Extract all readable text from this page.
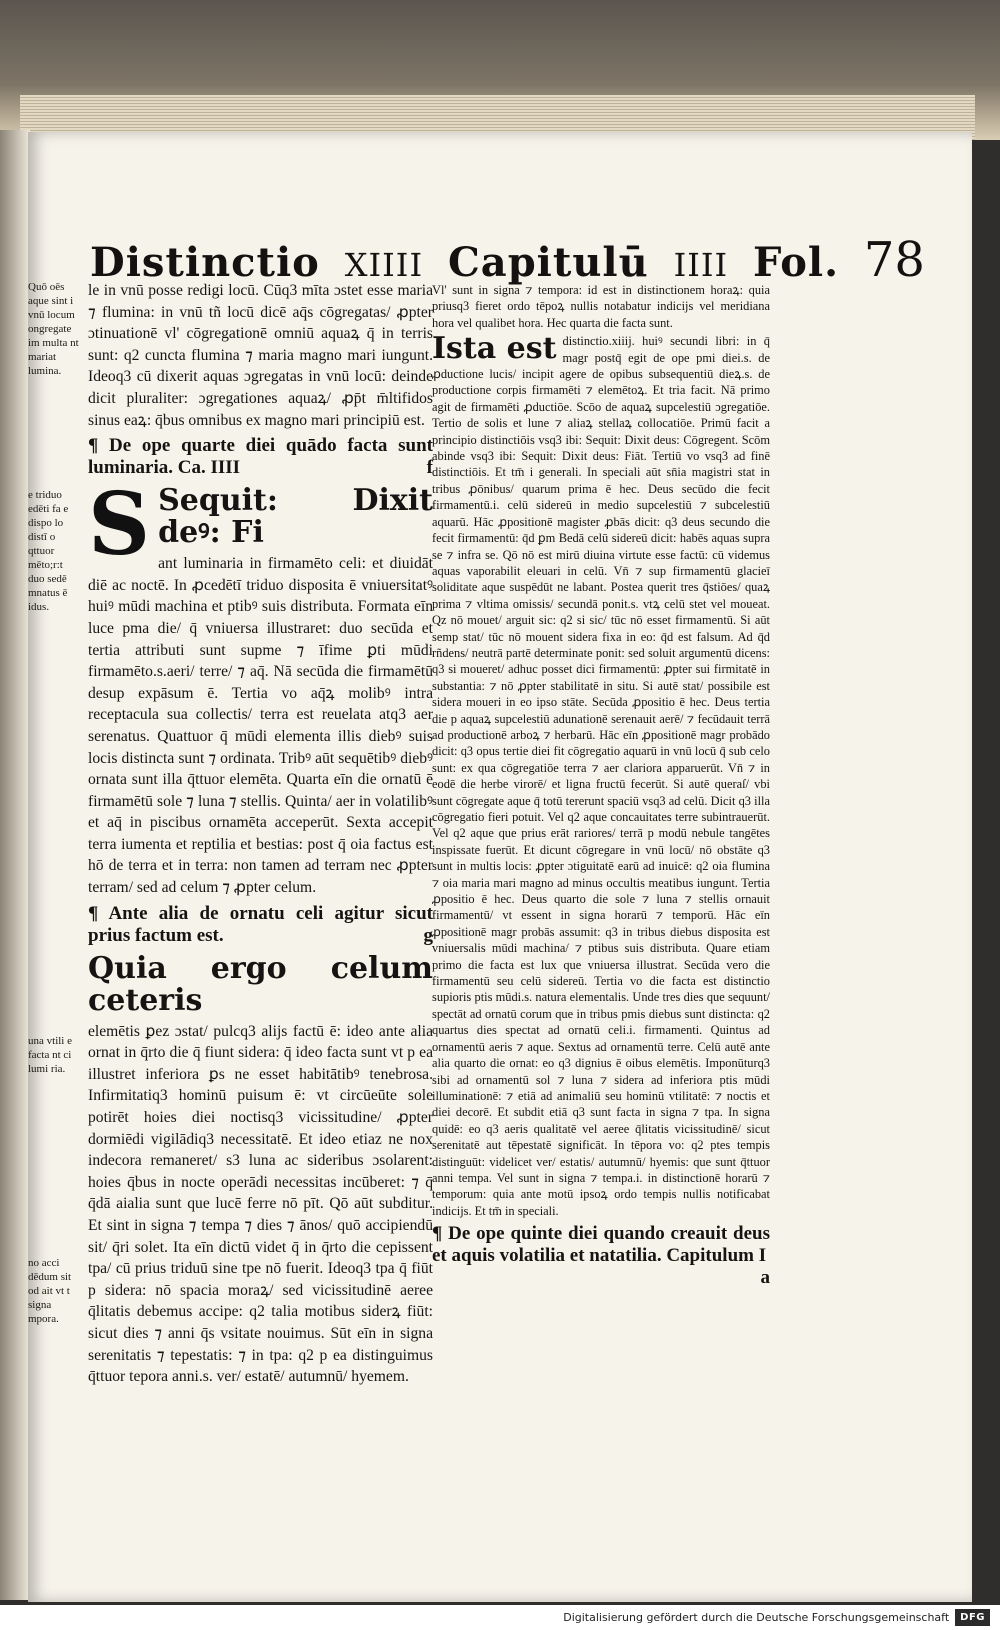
Distinctio XIIII Capitulū IIII Fol. 78

Quō oēs aque sint i vnū locum ongregate im multa nt mariat lumina.

e triduo edēti fa e dispo lo distī o qttuor mēto;r:t duo sedē mnatus ē idus.

una vtili e facta nt ci lumi ria.

no acci dēdum sit od ait vt t signa mpora.

le in vnū posse redigi locū. Cūq3 mīta ɔstet esse maria ⁊ flumina: in vnū tñ locū dicē aq̄s cōgregatas/ ꝓpter ɔtinuationē vl' cōgregationē omniū aquaꝝ q̄ in terris sunt: q2 cuncta flumina ⁊ maria magno mari iungunt. Ideoq3 cū dixerit aquas ɔgregatas in vnū locū: deinde dicit pluraliter: ɔgregationes aquaꝝ/ ꝓp̄t m̄ltifidos sinus eaꝝ: q̄bus omnibus ex magno mari principiū est.

¶ De ope quarte diei quādo facta sunt luminaria. Ca. IIII	f

S Sequit: Dixit deꝰ: Fi

ant luminaria in firmamēto celi: et diuidāt diē ac noctē. In ꝓcedētī triduo disposita ē vniuersitatꝰ huiꝰ mūdi machina et ptibꝰ suis distributa. Formata eīn luce pma die/ q̄ vniuersa illustraret: duo secūda et tertia attributi sunt supme ⁊ īfime ꝑti mūdi firmamēto.s.aeri/ terre/ ⁊ aq̄. Nā secūda die firmamētū desup expāsum ē. Tertia vo aq̄ꝝ molibꝰ intra receptacula sua collectis/ terra est reuelata atq3 aer serenatus. Quattuor q̄ mūdi elementa illis diebꝰ suis locis distincta sunt ⁊ ordinata. Tribꝰ aūt sequētibꝰ diebꝰ ornata sunt illa q̄ttuor elemēta. Quarta eīn die ornatū ē firmamētū sole ⁊ luna ⁊ stellis. Quinta/ aer in volatilibꝰ et aq̄ in piscibus ornamēta acceperūt. Sexta accepit terra iumenta et reptilia et bestias: post q̄ oia factus est hō de terra et in terra: non tamen ad terram nec ꝓpter terram/ sed ad celum ⁊ ꝓpter celum.

¶ Ante alia de ornatu celi agitur sicut prius factum est.	g

Quia ergo celum ceteris

elemētis ꝑez ɔstat/ pulcq3 alijs factū ē: ideo ante alia ornat in q̄rto die q̄ fiunt sidera: q̄ ideo facta sunt vt p ea illustret inferiora ꝑs ne esset habitātibꝰ tenebrosa. Infirmitatiq3 hominū puisum ē: vt circūeūte sole potirēt hoies diei noctisq3 vicissitudine/ ꝓpter dormiēdi vigilādiq3 necessitatē. Et ideo etiaz ne nox indecora remaneret/ s3 luna ac sideribus ɔsolarent: hoies q̄bus in nocte operādi necessitas incūberet: ⁊ q̄ q̄dā aialia sunt que lucē ferre nō pīt. Qō aūt subditur. Et sint in signa ⁊ tempa ⁊ dies ⁊ ānos/ quō accipiendū sit/ q̄ri solet. Ita eīn dictū videt q̄ in q̄rto die cepissent tpa/ cū prius triduū sine tpe nō fuerit. Ideoq3 tpa q̄ fiūt p sidera: nō spacia moraꝝ/ sed vicissitudinē aeree q̄litatis debemus accipe: q2 talia motibus siderꝝ fiūt: sicut dies ⁊ anni q̄s vsitate nouimus. Sūt eīn in signa serenitatis ⁊ tepestatis: ⁊ in tpa: q2 p ea distinguimus q̄ttuor tepora anni.s. ver/ estatē/ autumnū/ hyemem.

Vl' sunt in signa ⁊ tempora: id est in distinctionem horaꝝ: quia priusq3 fieret ordo tēpoꝝ nullis notabatur indicijs vel meridiana hora vel qualibet hora. Hec quarta die facta sunt.

Ista est distinctio.xiiij. huiꝰ secundi libri: in q̄ magr postq̄ egit de ope pmi diei.s. de ꝓductione lucis/ incipit agere de opibus subsequentiū dieꝝ.s. de productione corpis firmamēti ⁊ elemētoꝝ. Et tria facit. Nā primo agit de firmamēti ꝓductiōe. Scōo de aquaꝝ supcelestiū ɔgregatiōe. Tertio de solis et lune ⁊ aliaꝝ stellaꝝ collocatiōe. Primū facit a principio distinctiōis vsq3 ibi: Sequit: Dixit deus: Cōgregent. Scōm abinde vsq3 ibi: Sequit: Dixit deus: Fiāt. Tertiū vo vsq3 ad finē distinctiōis. Et tm̄ i generali. In speciali aūt sn̄ia magistri stat in tribus ꝓōnibus/ quarum prima ē hec. Deus secūdo die fecit firmamentū.i. celū sidereū in medio supcelestiū ⁊ subcelestiū aquarū. Hāc ꝓpositionē magister ꝓbās dicit: q3 deus secundo die fecit firmamentū: q̄d ꝑm Bedā celū sidereū dicit: habēs aquas supra se ⁊ infra se. Qō nō est mirū diuina virtute esse factū: cū videmus aquas vaporabilit eleuari in celū. Vn̄ ⁊ sup firmamentū glacieī soliditate aque suspēdūt ne labant. Postea querit tres q̄stiōes/ quaꝝ prima ⁊ vltima omissis/ secundā ponit.s. vtꝝ celū stet vel moueat. Qz nō mouet/ arguit sic: q2 si sic/ tūc nō esset firmamentū. Si aūt semp stat/ tūc nō mouent sidera fixa in eo: q̄d est falsum. Ad q̄d rñdens/ neutrā partē determinate ponit: sed soluit argumentū dicens: q3 si moueret/ adhuc posset dici firmamentū: ꝓpter sui firmitatē in substantia: ⁊ nō ꝓpter stabilitatē in situ. Si autē stat/ possibile est sidera moueri in eo ipso stāte. Secūda ꝓpositio ē hec. Deus tertia die p aquaꝝ supcelestiū adunationē serenauit aerē/ ⁊ fecūdauit terrā ad productionē arboꝝ ⁊ herbarū. Hāc eīn ꝓpositionē magr probādo dicit: q3 opus tertie diei fit cōgregatio aquarū in vnū locū q̄ sub celo sunt: ex qua cōgregatiōe terra ⁊ aer clariora apparuerūt. Vn̄ ⁊ in eodē die herbe virorē/ et ligna fructū fecerūt. Si autē queraſ/ vbi sunt cōgregate aque q̄ totū tererunt spaciū vsq3 ad celū. Dicit q3 illa cōgregatio fieri potuit. Vel q2 aque concauitates terre subintrauerūt. Vel q2 aque que prius erāt rariores/ terrā p modū nebule tangētes inspissate fuerūt. Et dicunt cōgregare in vnū locū/ nō obstāte q3 sunt in multis locis: ꝓpter ɔtiguitatē earū ad inuicē: q2 oia flumina ⁊ oia maria mari magno ad minus occultis meatibus iungunt. Tertia ꝓpositio ē hec. Deus quarto die sole ⁊ luna ⁊ stellis ornauit firmamentū/ vt essent in signa horarū ⁊ temporū. Hāc eīn ꝓpositionē magr probās assumit: q3 in tribus diebus disposita est vniuersalis mūdi machina/ ⁊ ptibus suis distributa. Quare etiam primo die facta est lux que vniuersa illustrat. Secūda vero die firmamentū seu celū sidereū. Tertia vo die facta est distinctio supioris ptis mūdi.s. natura elementalis. Unde tres dies que sequunt/ spectāt ad ornatū corum que in tribus pmis diebus sunt distincta: q2 quartus dies spectat ad ornatū celi.i. firmamenti. Quintus ad ornamentū aeris ⁊ aque. Sextus ad ornamentū terre. Celū autē ante alia quarto die ornat: eo q3 dignius ē oibus elemētis. Imponūturq3 sibi ad ornamentū sol ⁊ luna ⁊ sidera ad inferiora ptis mūdi illuminationē: ⁊ etiā ad animaliū seu hominū vtilitatē: ⁊ noctis et diei decorē. Et subdit etiā q3 sunt facta in signa ⁊ tpa. In signa quidē: eo q3 aeris qualitatē vel aeree q̄litatis vicissitudinē/ sicut serenitatē aut tēpestatē significāt. In tēpora vo: q2 ptes tempis distinguūt: videlicet ver/ estatis/ autumnū/ hyemis: que sunt q̄ttuor anni tempa. Vel sunt in signa ⁊ tempa.i. in distinctionē horarū ⁊ temporum: quia ante motū ipsoꝝ ordo tempis nullis notificabat indicijs. Et tm̄ in speciali.

¶ De ope quinte diei quando creauit deus et aquis volatilia et natatilia. Capitulum I
a

Digitalisierung gefördert durch die Deutsche Forschungsgemeinschaft	DFG
